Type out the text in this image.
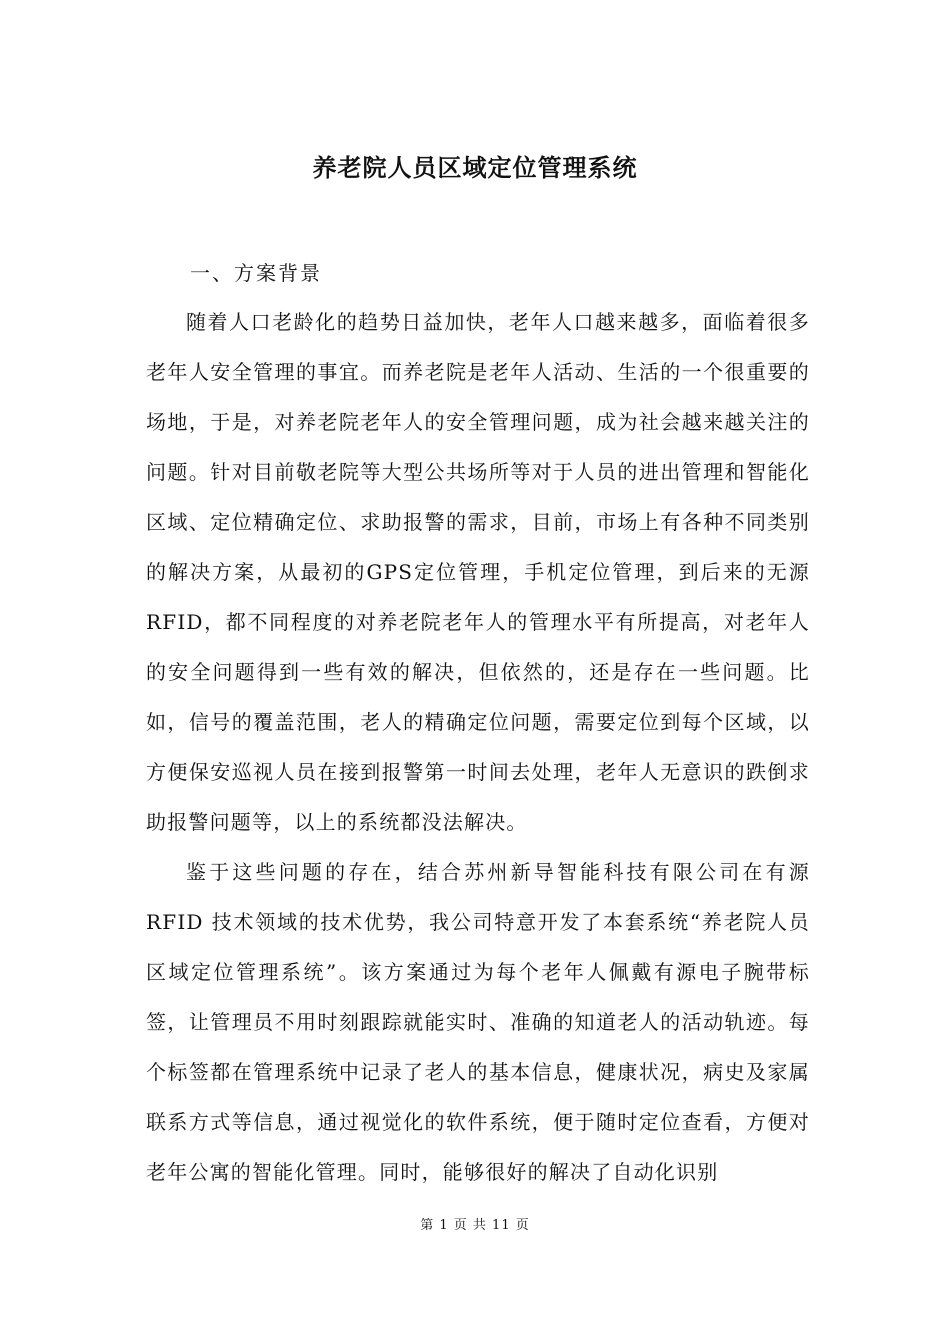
养老院人员区域定位管理系统
一、方案背景

随着人口老龄化的趋势日益加快，老年人口越来越多，面临着很多老年人安全管理的事宜。而养老院是老年人活动、生活的一个很重要的场地，于是，对养老院老年人的安全管理问题，成为社会越来越关注的问题。针对目前敬老院等大型公共场所等对于人员的进出管理和智能化区域、定位精确定位、求助报警的需求，目前，市场上有各种不同类别的解决方案，从最初的GPS定位管理，手机定位管理，到后来的无源 RFID，都不同程度的对养老院老年人的管理水平有所提高，对老年人的安全问题得到一些有效的解决，但依然的，还是存在一些问题。比如，信号的覆盖范围，老人的精确定位问题，需要定位到每个区域，以方便保安巡视人员在接到报警第一时间去处理，老年人无意识的跌倒求助报警问题等，以上的系统都没法解决。

鉴于这些问题的存在，结合苏州新导智能科技有限公司在有源RFID 技术领域的技术优势，我公司特意开发了本套系统“养老院人员区域定位管理系统”。该方案通过为每个老年人佩戴有源电子腕带标签，让管理员不用时刻跟踪就能实时、准确的知道老人的活动轨迹。每个标签都在管理系统中记录了老人的基本信息，健康状况，病史及家属联系方式等信息，通过视觉化的软件系统，便于随时定位查看，方便对老年公寓的智能化管理。同时，能够很好的解决了自动化识别

第 1 页 共 11 页
